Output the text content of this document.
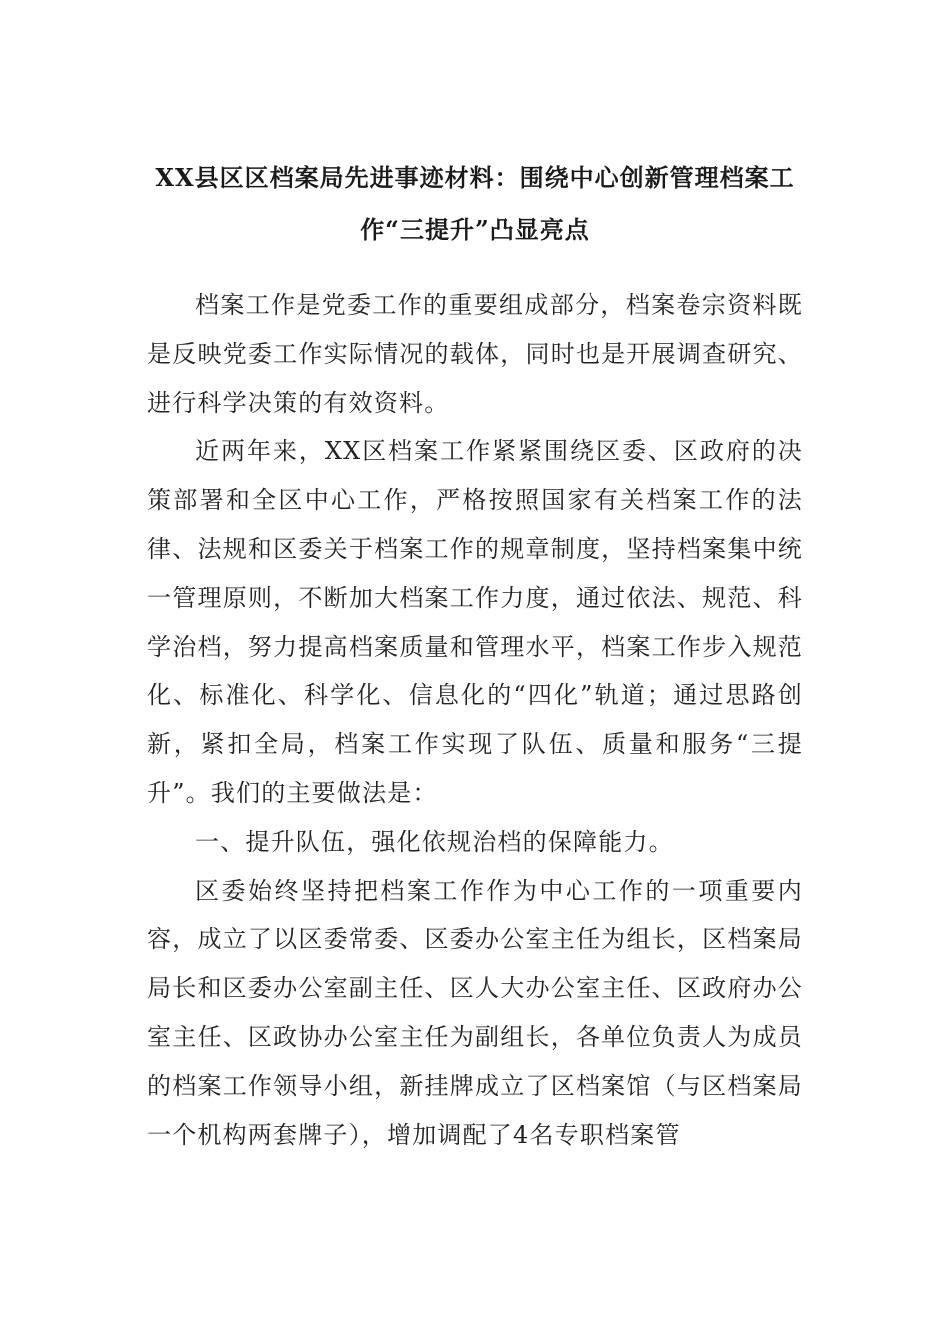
XX县区区档案局先进事迹材料：围绕中心创新管理档案工作“三提升”凸显亮点

档案工作是党委工作的重要组成部分，档案卷宗资料既是反映党委工作实际情况的载体，同时也是开展调查研究、进行科学决策的有效资料。

近两年来，XX区档案工作紧紧围绕区委、区政府的决策部署和全区中心工作，严格按照国家有关档案工作的法律、法规和区委关于档案工作的规章制度，坚持档案集中统一管理原则，不断加大档案工作力度，通过依法、规范、科学治档，努力提高档案质量和管理水平，档案工作步入规范化、标准化、科学化、信息化的“四化”轨道；通过思路创新，紧扣全局，档案工作实现了队伍、质量和服务“三提升”。我们的主要做法是：

一、提升队伍，强化依规治档的保障能力。

区委始终坚持把档案工作作为中心工作的一项重要内容，成立了以区委常委、区委办公室主任为组长，区档案局局长和区委办公室副主任、区人大办公室主任、区政府办公室主任、区政协办公室主任为副组长，各单位负责人为成员的档案工作领导小组，新挂牌成立了区档案馆（与区档案局一个机构两套牌子），增加调配了4名专职档案管
